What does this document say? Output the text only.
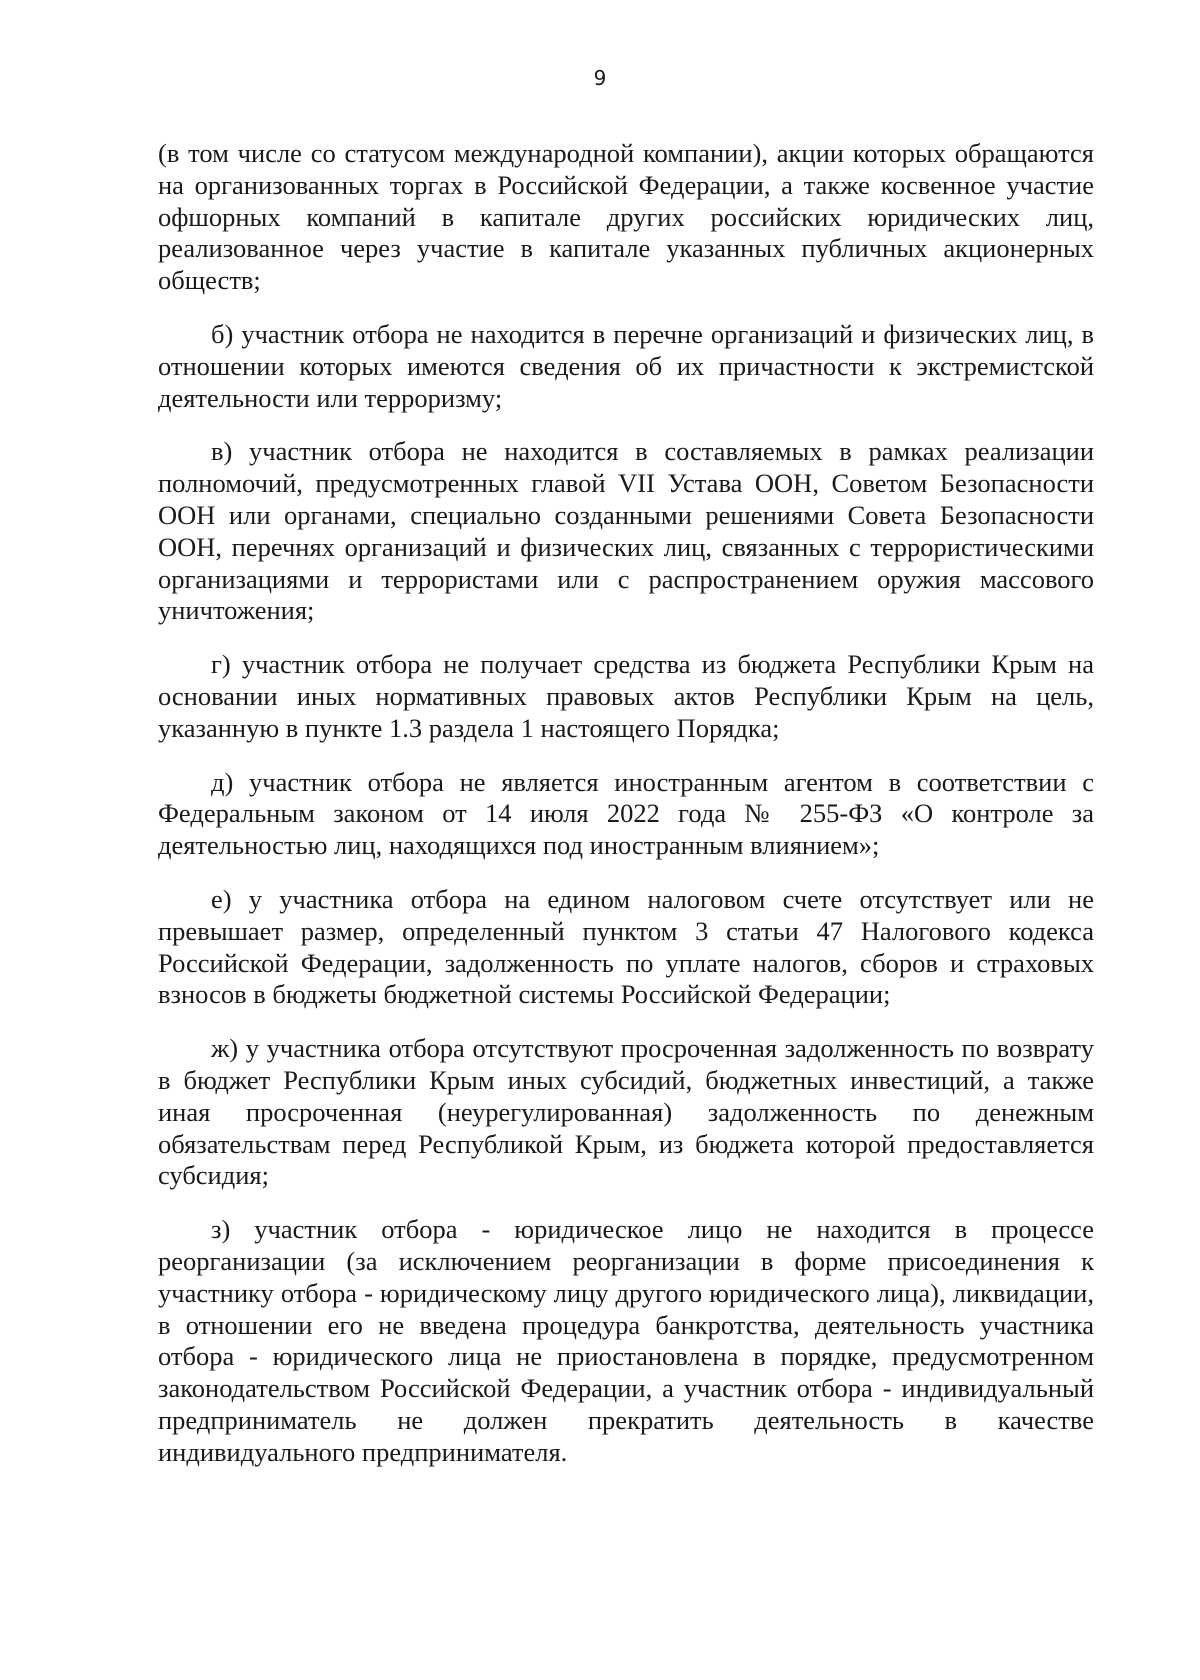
9

(в том числе со статусом международной компании), акции которых обращаются на организованных торгах в Российской Федерации, а также косвенное участие офшорных компаний в капитале других российских юридических лиц, реализованное через участие в капитале указанных публичных акционерных обществ;

б) участник отбора не находится в перечне организаций и физических лиц, в отношении которых имеются сведения об их причастности к экстремистской деятельности или терроризму;

в) участник отбора не находится в составляемых в рамках реализации полномочий, предусмотренных главой VII Устава ООН, Советом Безопасности ООН или органами, специально созданными решениями Совета Безопасности ООН, перечнях организаций и физических лиц, связанных с террористическими организациями и террористами или с распространением оружия массового уничтожения;

г) участник отбора не получает средства из бюджета Республики Крым на основании иных нормативных правовых актов Республики Крым на цель, указанную в пункте 1.3 раздела 1 настоящего Порядка;

д) участник отбора не является иностранным агентом в соответствии с Федеральным законом от 14 июля 2022 года № 255-ФЗ «О контроле за деятельностью лиц, находящихся под иностранным влиянием»;

е) у участника отбора на едином налоговом счете отсутствует или не превышает размер, определенный пунктом 3 статьи 47 Налогового кодекса Российской Федерации, задолженность по уплате налогов, сборов и страховых взносов в бюджеты бюджетной системы Российской Федерации;

ж) у участника отбора отсутствуют просроченная задолженность по возврату в бюджет Республики Крым иных субсидий, бюджетных инвестиций, а также иная просроченная (неурегулированная) задолженность по денежным обязательствам перед Республикой Крым, из бюджета которой предоставляется субсидия;

з) участник отбора - юридическое лицо не находится в процессе реорганизации (за исключением реорганизации в форме присоединения к участнику отбора - юридическому лицу другого юридического лица), ликвидации, в отношении его не введена процедура банкротства, деятельность участника отбора - юридического лица не приостановлена в порядке, предусмотренном законодательством Российской Федерации, а участник отбора - индивидуальный предприниматель не должен прекратить деятельность в качестве индивидуального предпринимателя.
